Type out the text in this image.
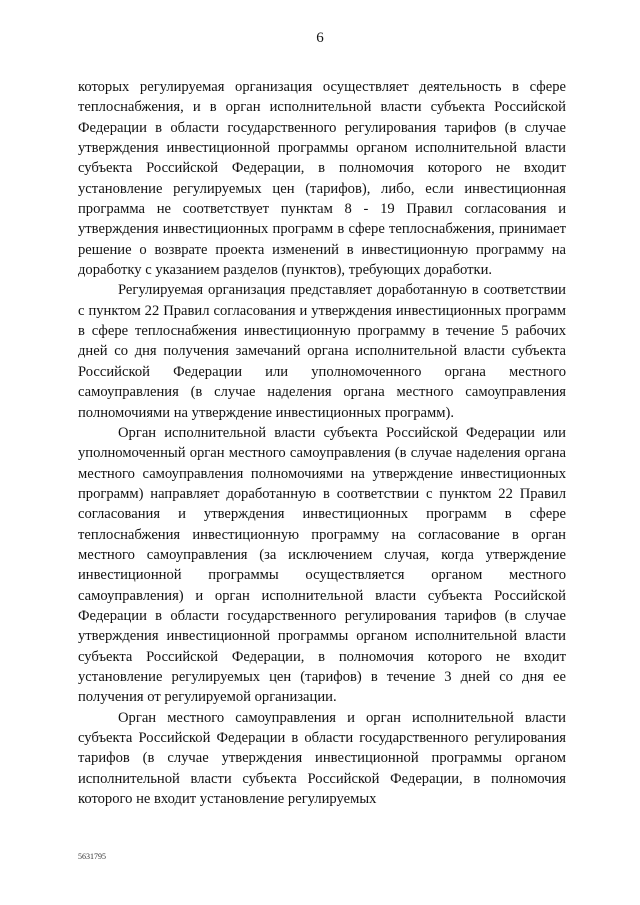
6

которых регулируемая организация осуществляет деятельность в сфере теплоснабжения, и в орган исполнительной власти субъекта Российской Федерации в области государственного регулирования тарифов (в случае утверждения инвестиционной программы органом исполнительной власти субъекта Российской Федерации, в полномочия которого не входит установление регулируемых цен (тарифов), либо, если инвестиционная программа не соответствует пунктам 8 - 19 Правил согласования и утверждения инвестиционных программ в сфере теплоснабжения, принимает решение о возврате проекта изменений в инвестиционную программу на доработку с указанием разделов (пунктов), требующих доработки.

Регулируемая организация представляет доработанную в соответствии с пунктом 22 Правил согласования и утверждения инвестиционных программ в сфере теплоснабжения инвестиционную программу в течение 5 рабочих дней со дня получения замечаний органа исполнительной власти субъекта Российской Федерации или уполномоченного органа местного самоуправления (в случае наделения органа местного самоуправления полномочиями на утверждение инвестиционных программ).

Орган исполнительной власти субъекта Российской Федерации или уполномоченный орган местного самоуправления (в случае наделения органа местного самоуправления полномочиями на утверждение инвестиционных программ) направляет доработанную в соответствии с пунктом 22 Правил согласования и утверждения инвестиционных программ в сфере теплоснабжения инвестиционную программу на согласование в орган местного самоуправления (за исключением случая, когда утверждение инвестиционной программы осуществляется органом местного самоуправления) и орган исполнительной власти субъекта Российской Федерации в области государственного регулирования тарифов (в случае утверждения инвестиционной программы органом исполнительной власти субъекта Российской Федерации, в полномочия которого не входит установление регулируемых цен (тарифов) в течение 3 дней со дня ее получения от регулируемой организации.

Орган местного самоуправления и орган исполнительной власти субъекта Российской Федерации в области государственного регулирования тарифов (в случае утверждения инвестиционной программы органом исполнительной власти субъекта Российской Федерации, в полномочия которого не входит установление регулируемых

5631795
